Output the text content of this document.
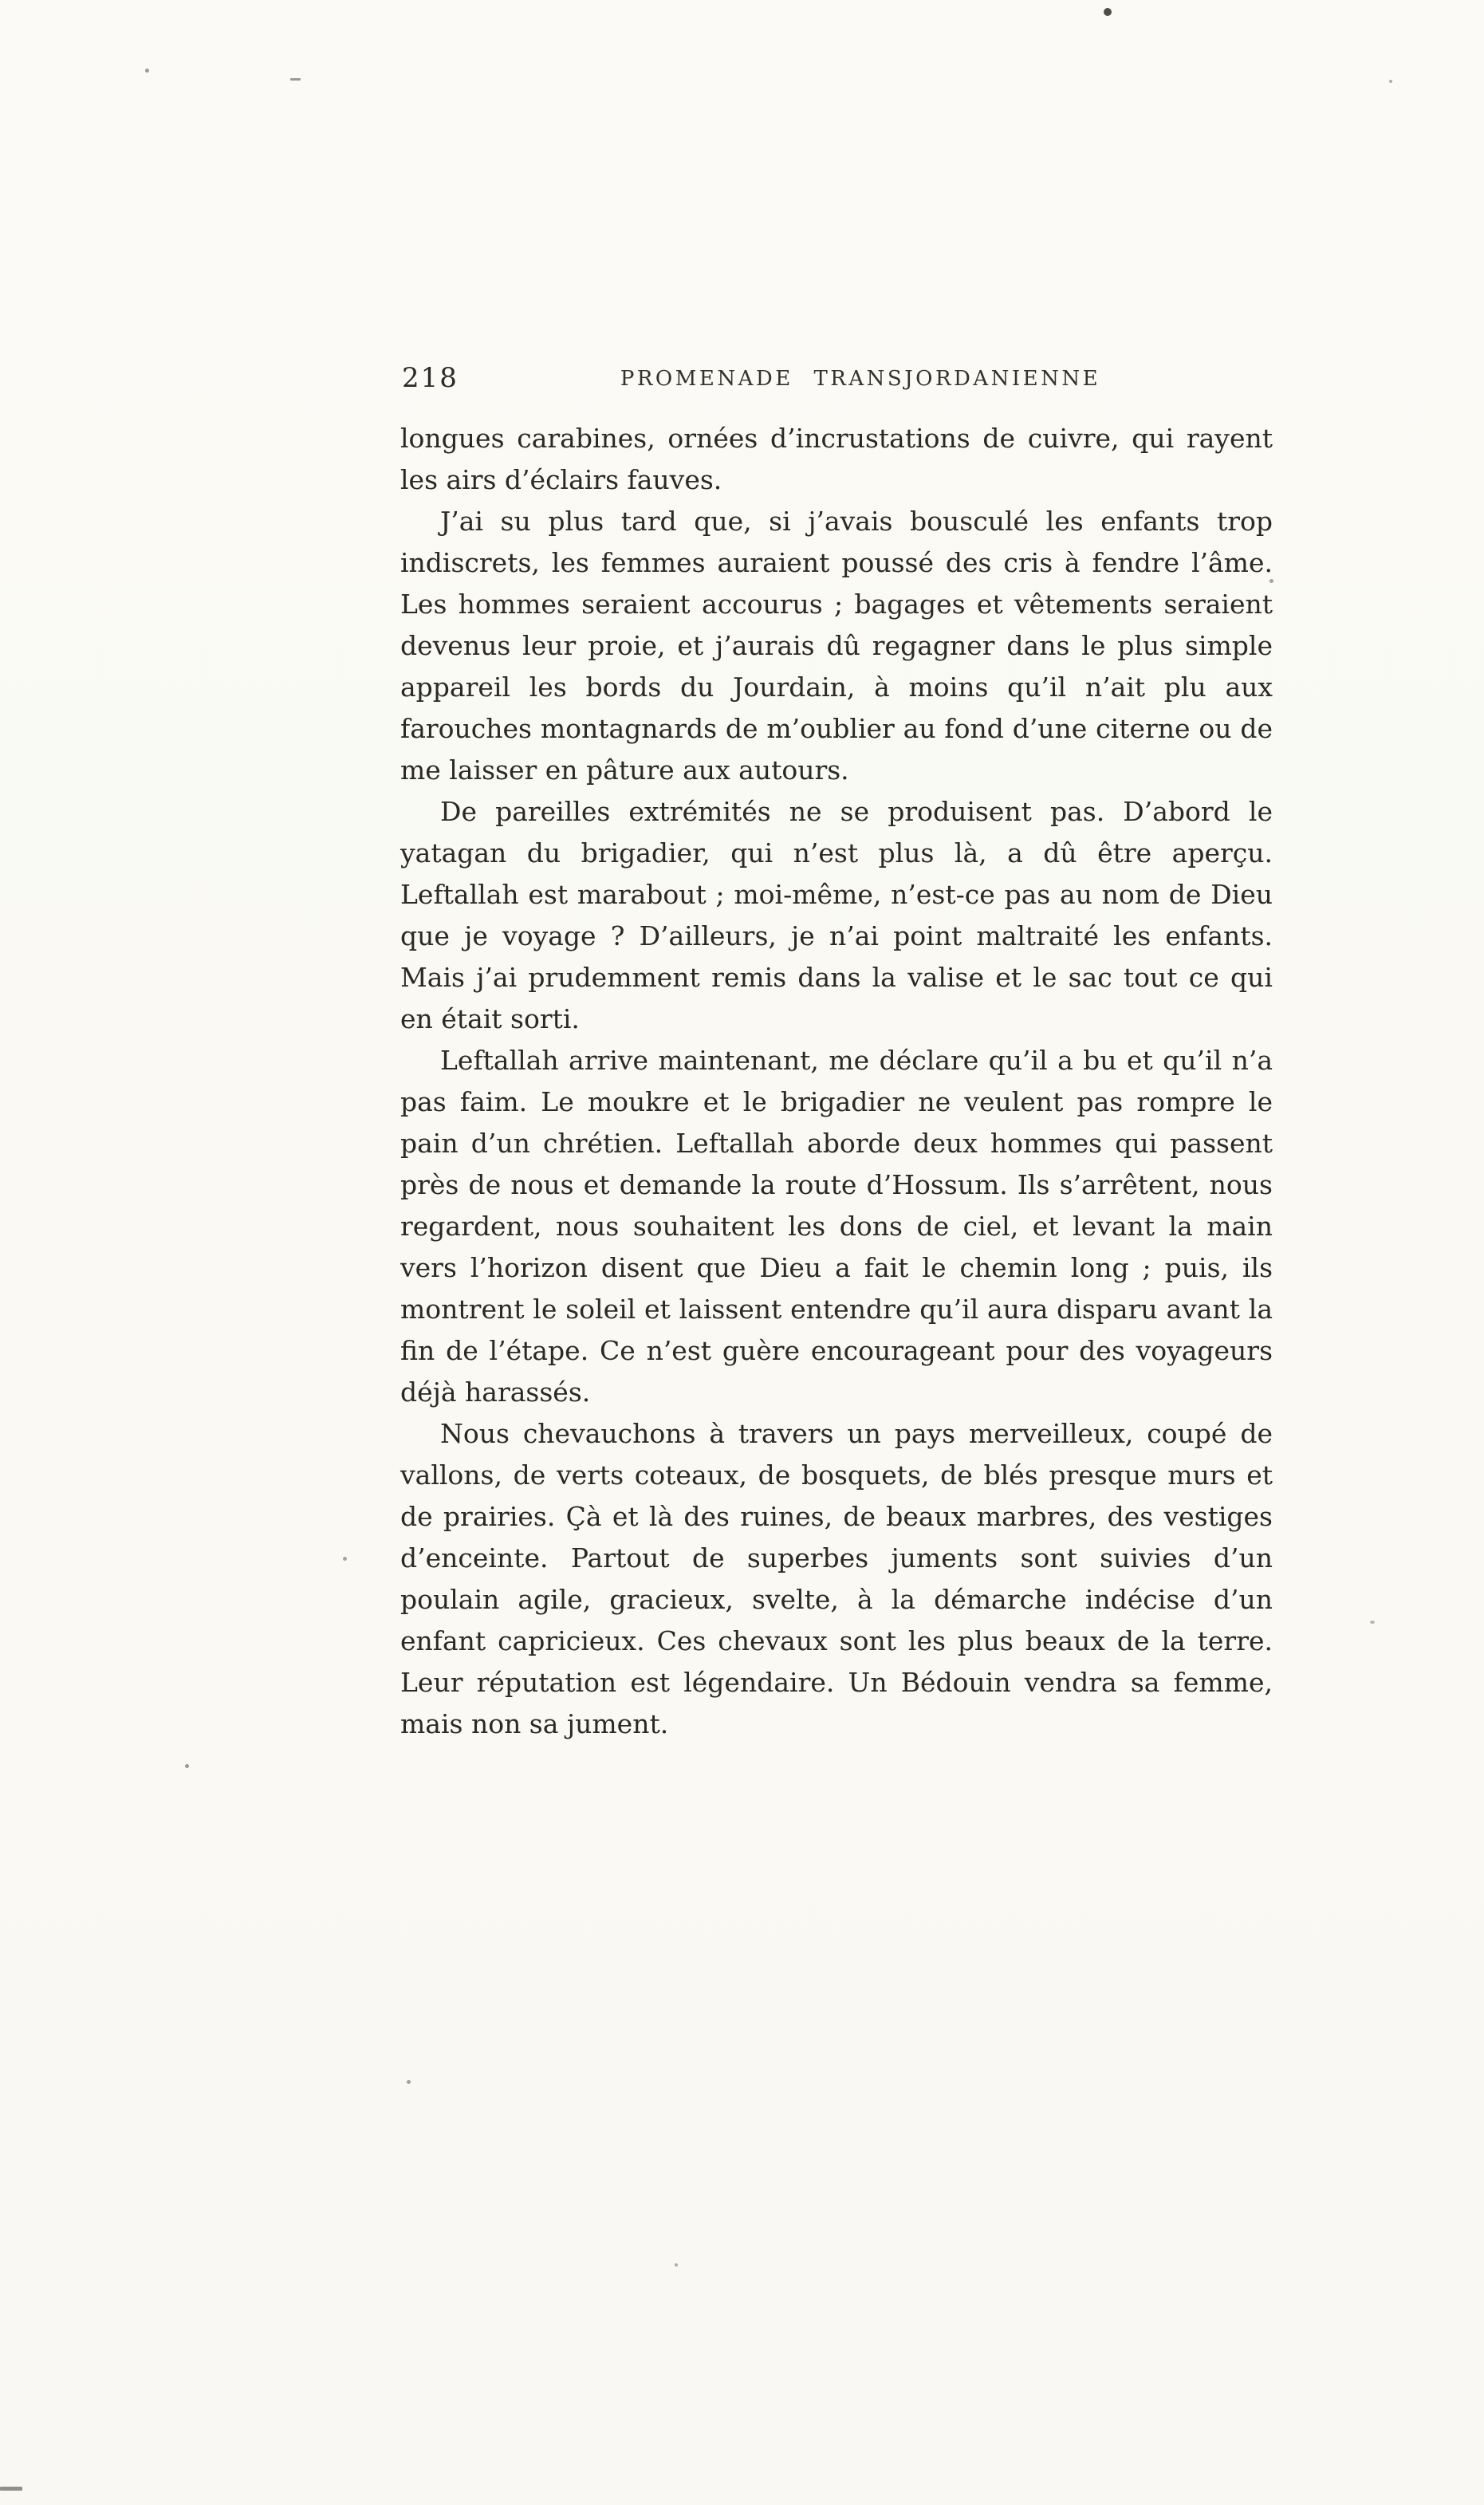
218	PROMENADE TRANSJORDANIENNE

longues carabines, ornées d’incrustations de cuivre, qui rayent les airs d’éclairs fauves.

J’ai su plus tard que, si j’avais bousculé les enfants trop indiscrets, les femmes auraient poussé des cris à fendre l’âme. Les hommes seraient accourus ; bagages et vêtements seraient devenus leur proie, et j’aurais dû regagner dans le plus simple appareil les bords du Jourdain, à moins qu’il n’ait plu aux farouches montagnards de m’oublier au fond d’une citerne ou de me laisser en pâture aux autours.

De pareilles extrémités ne se produisent pas. D’abord le yatagan du brigadier, qui n’est plus là, a dû être aperçu. Leftallah est marabout ; moi-même, n’est-ce pas au nom de Dieu que je voyage ? D’ailleurs, je n’ai point maltraité les enfants. Mais j’ai prudemment remis dans la valise et le sac tout ce qui en était sorti.

Leftallah arrive maintenant, me déclare qu’il a bu et qu’il n’a pas faim. Le moukre et le brigadier ne veulent pas rompre le pain d’un chrétien. Leftallah aborde deux hommes qui passent près de nous et demande la route d’Hossum. Ils s’arrêtent, nous regardent, nous souhaitent les dons de ciel, et levant la main vers l’horizon disent que Dieu a fait le chemin long ; puis, ils montrent le soleil et laissent entendre qu’il aura disparu avant la fin de l’étape. Ce n’est guère encourageant pour des voyageurs déjà harassés.

Nous chevauchons à travers un pays merveilleux, coupé de vallons, de verts coteaux, de bosquets, de blés presque murs et de prairies. Çà et là des ruines, de beaux marbres, des vestiges d’enceinte. Partout de superbes juments sont suivies d’un poulain agile, gracieux, svelte, à la démarche indécise d’un enfant capricieux. Ces chevaux sont les plus beaux de la terre. Leur réputation est légendaire. Un Bédouin vendra sa femme, mais non sa jument.
